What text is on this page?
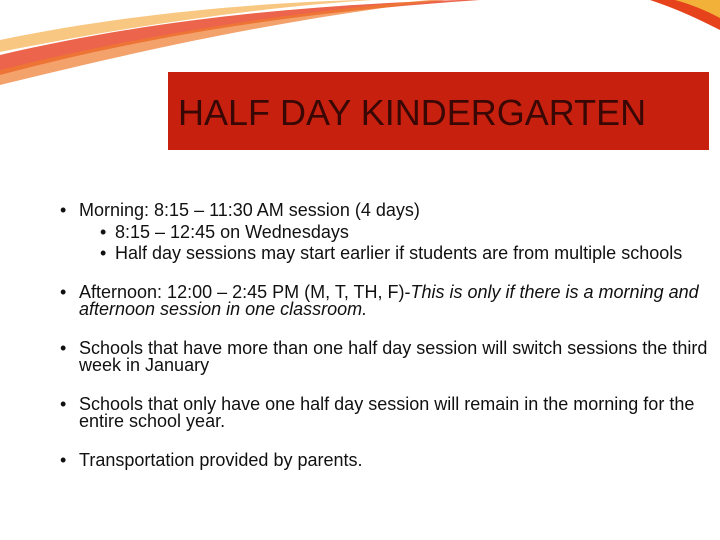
HALF DAY KINDERGARTEN
• Morning: 8:15 – 11:30 AM session (4 days)
• 8:15 – 12:45 on Wednesdays
• Half day sessions may start earlier if students are from multiple schools
• Afternoon: 12:00 – 2:45 PM (M, T, TH, F)-This is only if there is a morning and afternoon session in one classroom.
• Schools that have more than one half day session will switch sessions the third week in January
• Schools that only have one half day session will remain in the morning for the entire school year.
• Transportation provided by parents.
